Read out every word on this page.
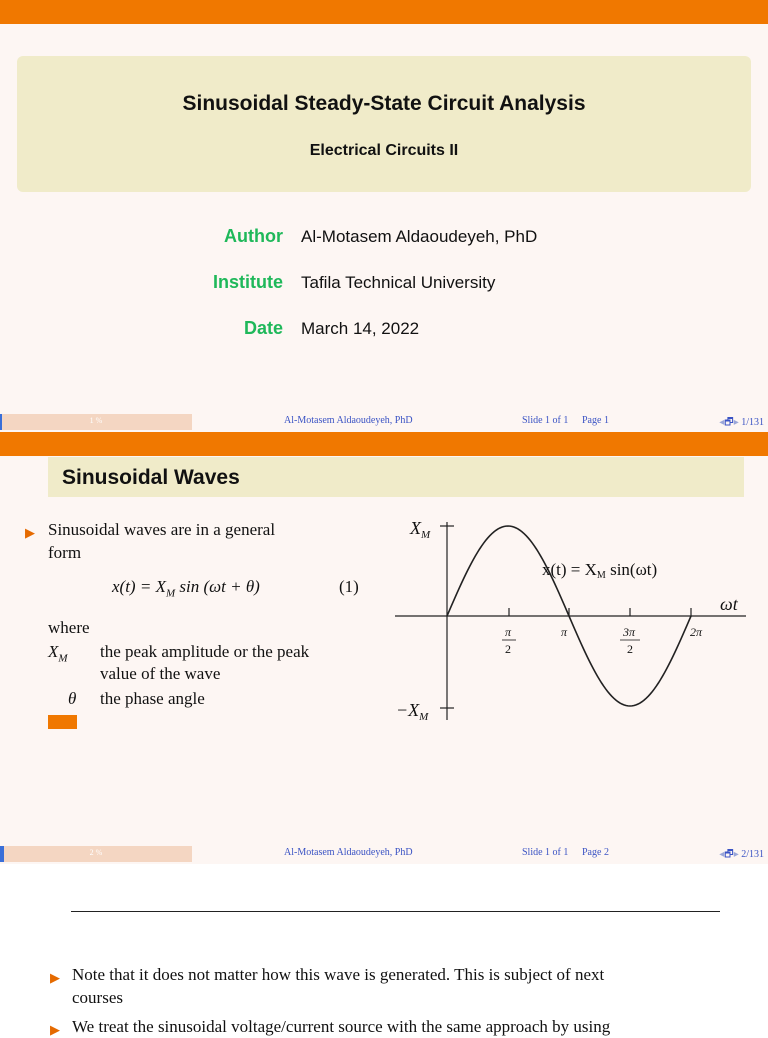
Sinusoidal Steady-State Circuit Analysis
Electrical Circuits II
Author Al-Motasem Aldaoudeyeh, PhD
Institute Tafila Technical University
Date March 14, 2022
1 %	Al-Motasem Aldaoudeyeh, PhD	Slide 1 of 1 Page 1	◂🗗▸ 1/131
Sinusoidal Waves
▶ Sinusoidal waves are in a general
form
$x(t) = X_M$ sin (ωt + θ)	(1)
where
$X_M$ the peak amplitude or the peak
value of the wave
θ the phase angle
$X_M$
$-X_M$
ωt
x(t) = XM sin(ωt)
π
2
π	3π
2
2π
2 %	Al-Motasem Aldaoudeyeh, PhD	Slide 1 of 1 Page 2	◂🗗▸ 2/131
▶ Note that it does not matter how this wave is generated. This is subject of next
courses
▶ We treat the sinusoidal voltage/current source with the same approach by using
